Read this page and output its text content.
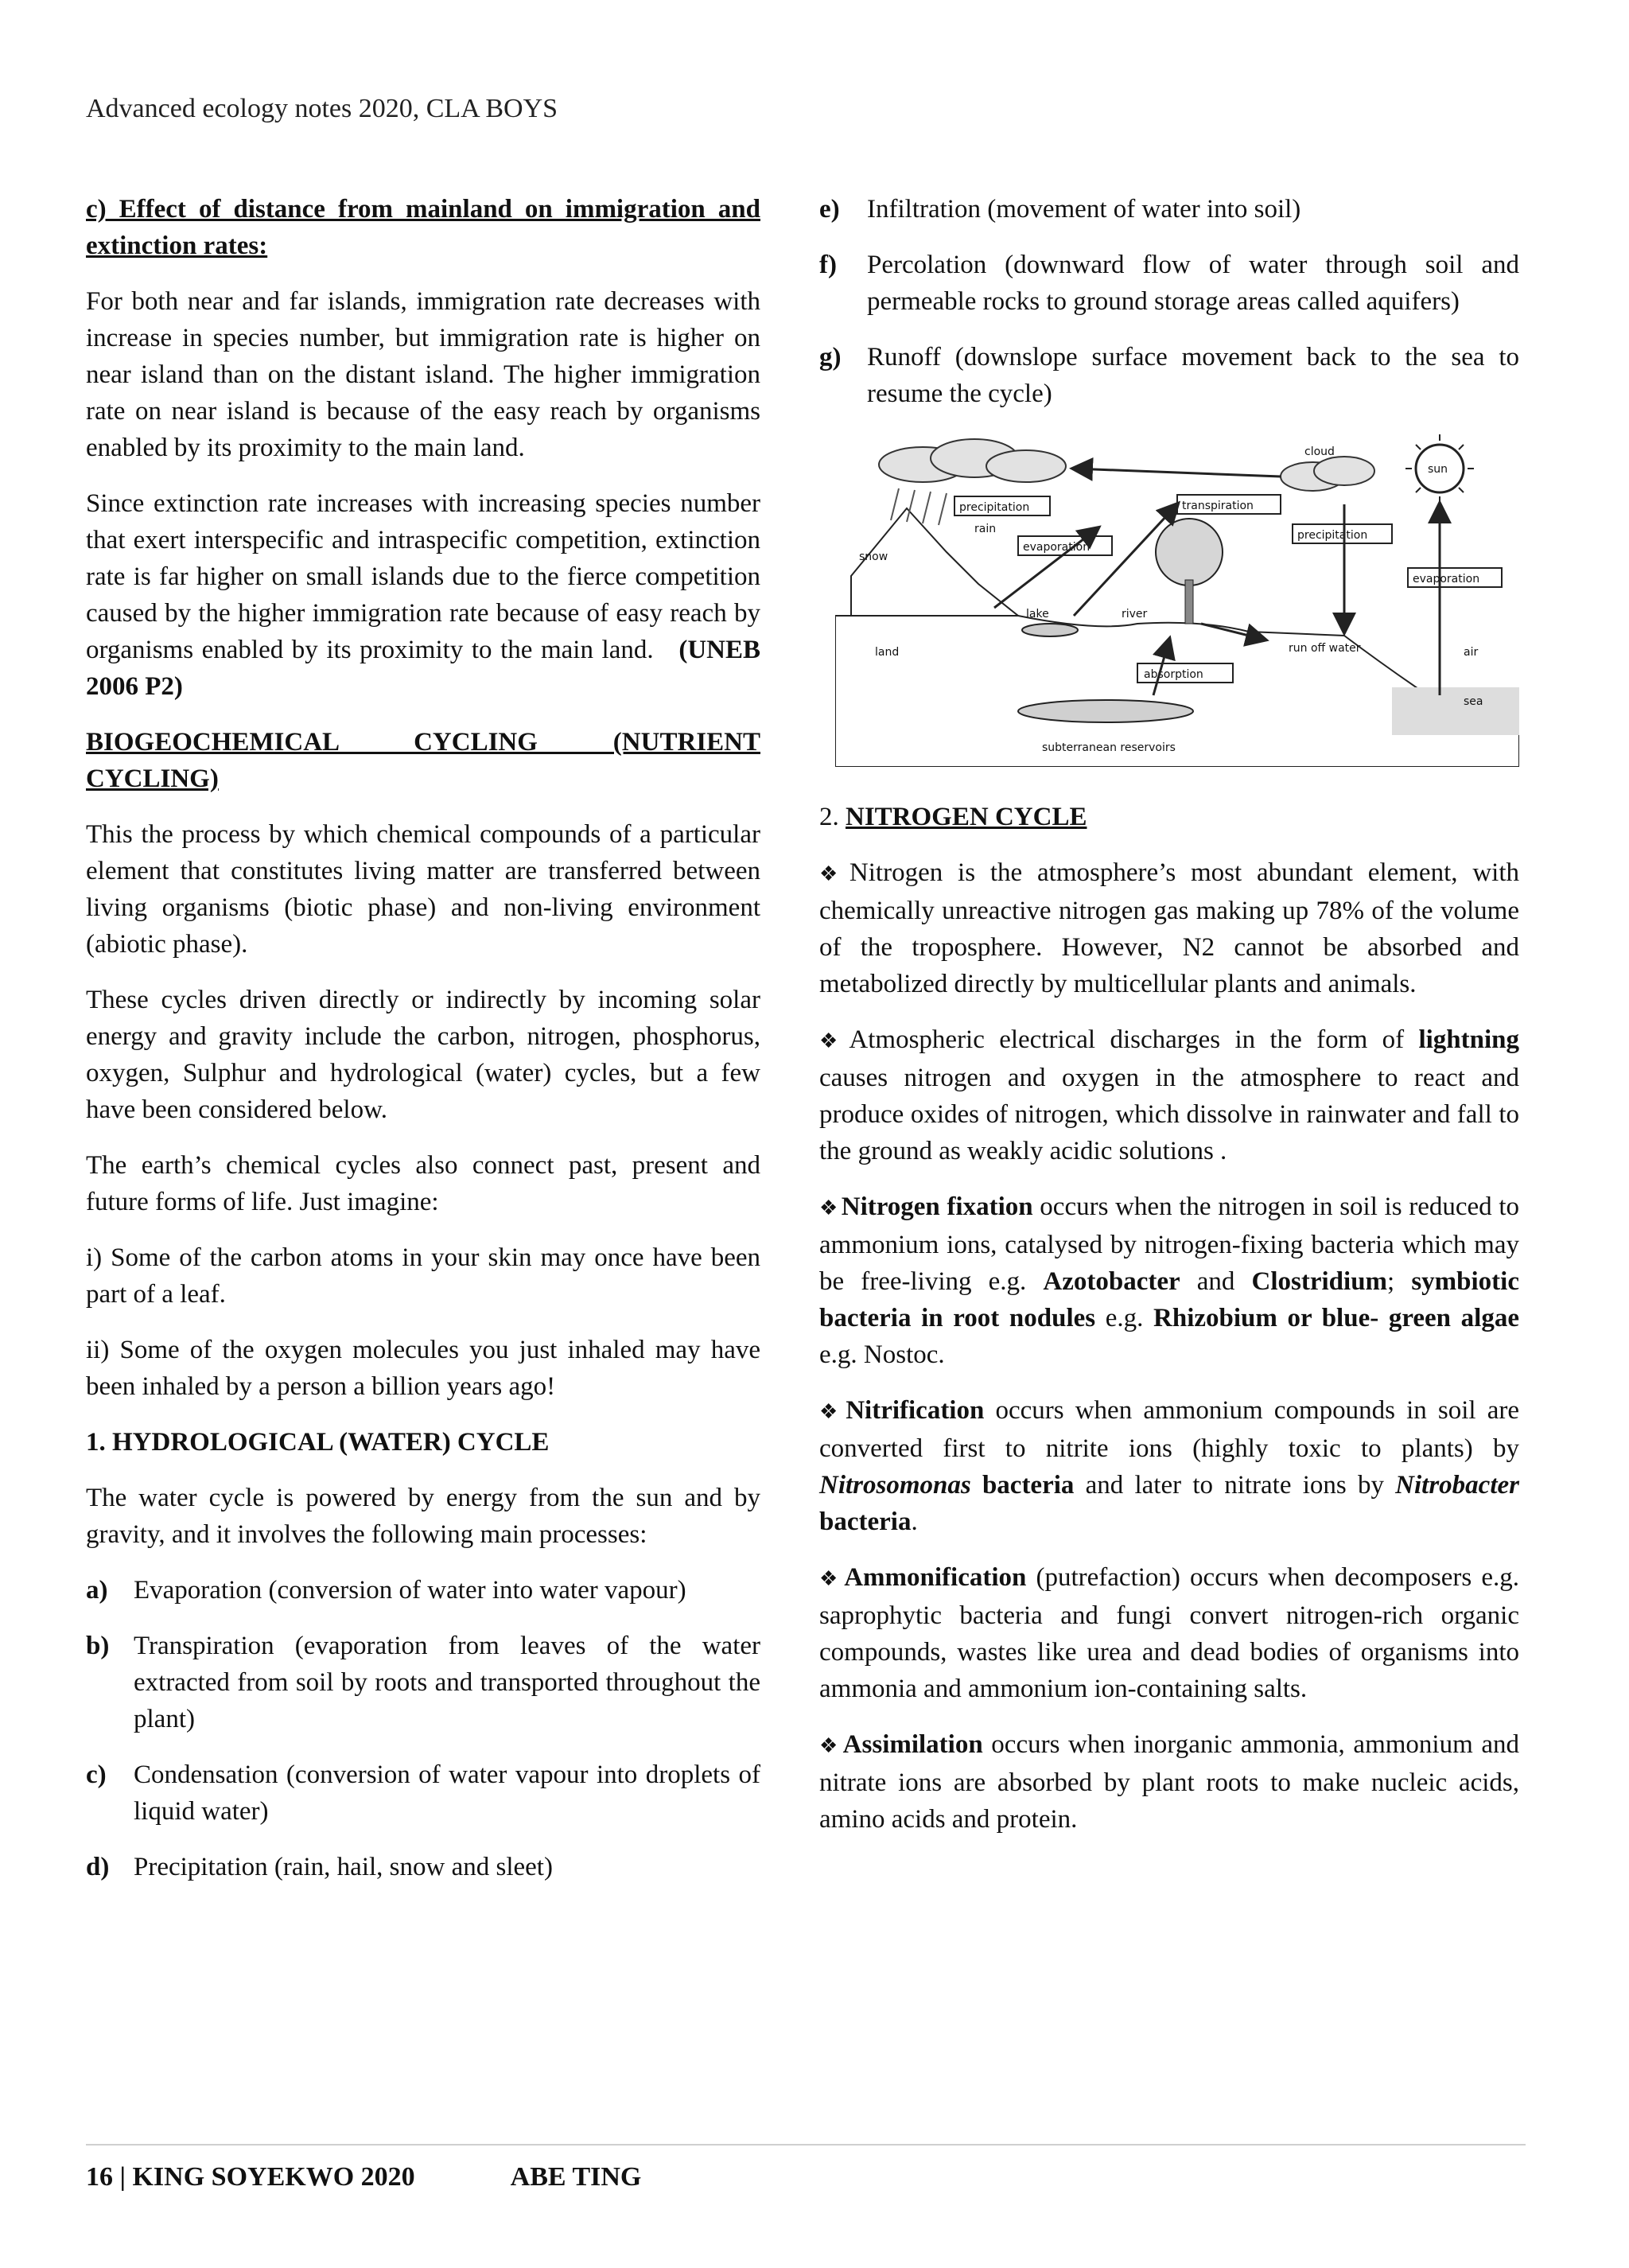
Advanced ecology notes 2020, CLA BOYS

c) Effect of distance from mainland on immigration and extinction rates:

For both near and far islands, immigration rate decreases with increase in species number, but immigration rate is higher on near island than on the distant island. The higher immigration rate on near island is because of the easy reach by organisms enabled by its proximity to the main land.

Since extinction rate increases with increasing species number that exert interspecific and intraspecific competition, extinction rate is far higher on small islands due to the fierce competition caused by the higher immigration rate because of easy reach by organisms enabled by its proximity to the main land. (UNEB 2006 P2)

BIOGEOCHEMICAL CYCLING (NUTRIENT CYCLING)

This the process by which chemical compounds of a particular element that constitutes living matter are transferred between living organisms (biotic phase) and non-living environment (abiotic phase).

These cycles driven directly or indirectly by incoming solar energy and gravity include the carbon, nitrogen, phosphorus, oxygen, Sulphur and hydrological (water) cycles, but a few have been considered below.

The earth’s chemical cycles also connect past, present and future forms of life. Just imagine:

i) Some of the carbon atoms in your skin may once have been part of a leaf.

ii) Some of the oxygen molecules you just inhaled may have been inhaled by a person a billion years ago!

1. HYDROLOGICAL (WATER) CYCLE

The water cycle is powered by energy from the sun and by gravity, and it involves the following main processes:

a) Evaporation (conversion of water into water vapour)
b) Transpiration (evaporation from leaves of the water extracted from soil by roots and transported throughout the plant)
c)	Condensation (conversion of water vapour into droplets of liquid water)
d) Precipitation (rain, hail, snow and sleet)
e)	Infiltration (movement of water into soil)
f)	Percolation (downward flow of water through soil and permeable rocks to ground storage areas called aquifers)
g) Runoff (downslope surface movement back to the sea to resume the cycle)
cloud
sun
snow
rain
precipitation
land
lake	river
transpiration
evaporation
precipitation
evaporation
run off water
absorption
air
sea
subterranean reservoirs

2. NITROGEN CYCLE

❖ Nitrogen is the atmosphere’s most abundant element, with chemically unreactive nitrogen gas making up 78% of the volume of the troposphere. However, N2 cannot be absorbed and metabolized directly by multicellular plants and animals.

❖ Atmospheric electrical discharges in the form of lightning causes nitrogen and oxygen in the atmosphere to react and produce oxides of nitrogen, which dissolve in rainwater and fall to the ground as weakly acidic solutions .

❖ Nitrogen fixation occurs when the nitrogen in soil is reduced to ammonium ions, catalysed by nitrogen-fixing bacteria which may be free-living e.g. Azotobacter and Clostridium; symbiotic bacteria in root nodules e.g. Rhizobium or blue- green algae e.g. Nostoc.

❖ Nitrification occurs when ammonium compounds in soil are converted first to nitrite ions (highly toxic to plants) by Nitrosomonas bacteria and later to nitrate ions by Nitrobacter bacteria.

❖ Ammonification (putrefaction) occurs when decomposers e.g. saprophytic bacteria and fungi convert nitrogen-rich organic compounds, wastes like urea and dead bodies of organisms into ammonia and ammonium ion-containing salts.

❖ Assimilation occurs when inorganic ammonia, ammonium and nitrate ions are absorbed by plant roots to make nucleic acids, amino acids and protein.

16 | KING SOYEKWO 2020	ABE TING
